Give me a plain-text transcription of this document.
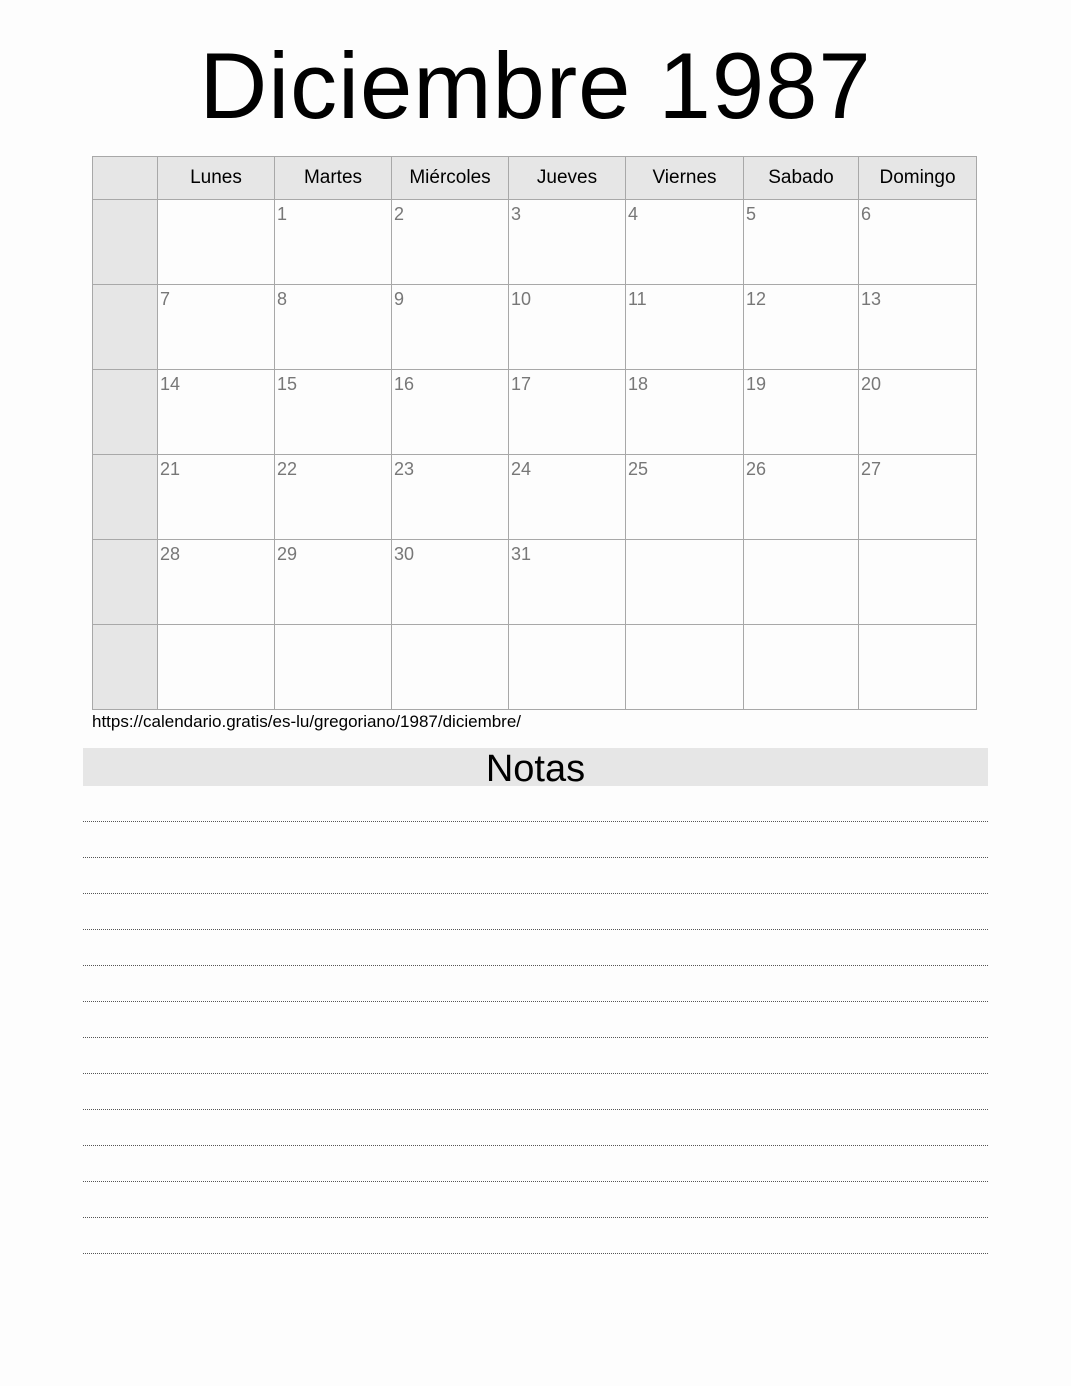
Diciembre 1987
	Lunes	Martes	Miércoles	Jueves	Viernes	Sabado	Domingo

		1	2	3	4	5	6

	7	8	9	10	11	12	13

	14	15	16	17	18	19	20

	21	22	23	24	25	26	27

	28	29	30	31			

https://calendario.gratis/es-lu/gregoriano/1987/diciembre/
Notas
